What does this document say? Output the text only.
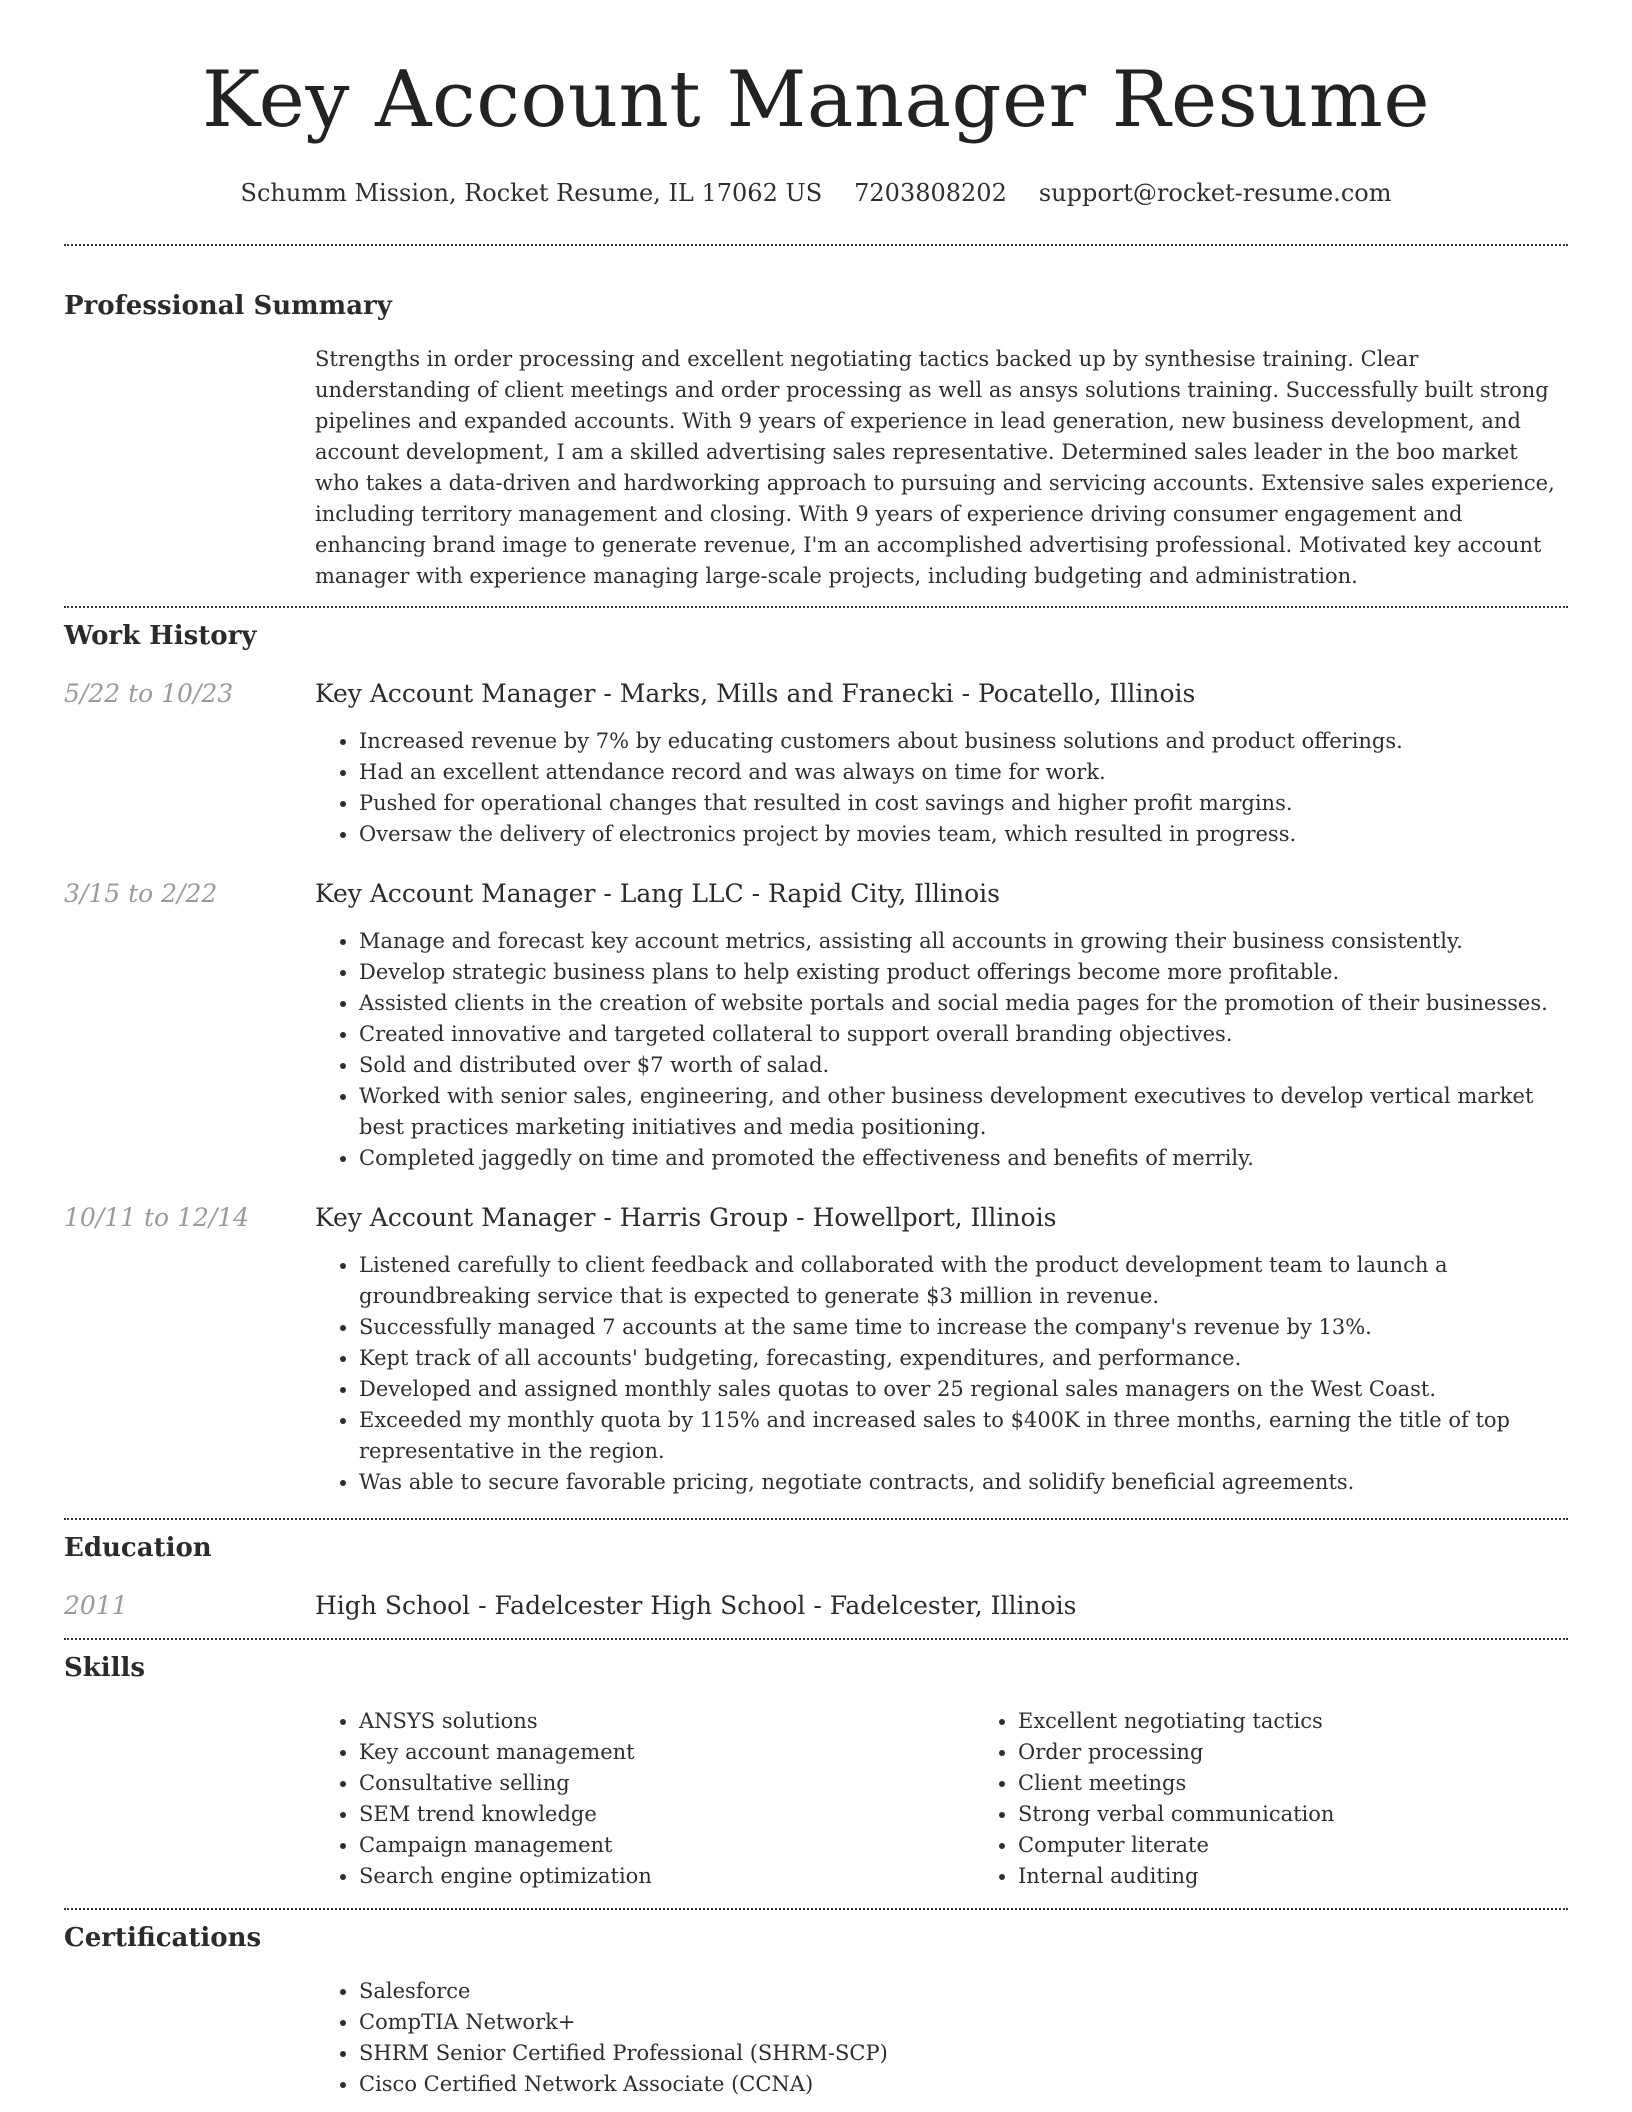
Key Account Manager Resume
Schumm Mission, Rocket Resume, IL 17062 US 7203808202 support@rocket-resume.com
Professional Summary

Strengths in order processing and excellent negotiating tactics backed up by synthesise training. Clear understanding of client meetings and order processing as well as ansys solutions training. Successfully built strong pipelines and expanded accounts. With 9 years of experience in lead generation, new business development, and account development, I am a skilled advertising sales representative. Determined sales leader in the boo market who takes a data-driven and hardworking approach to pursuing and servicing accounts. Extensive sales experience, including territory management and closing. With 9 years of experience driving consumer engagement and enhancing brand image to generate revenue, I'm an accomplished advertising professional. Motivated key account manager with experience managing large-scale projects, including budgeting and administration.

Work History
5/22 to 10/23	Key Account Manager - Marks, Mills and Franecki - Pocatello, Illinois

• Increased revenue by 7% by educating customers about business solutions and product offerings.
• Had an excellent attendance record and was always on time for work.
• Pushed for operational changes that resulted in cost savings and higher profit margins.
• Oversaw the delivery of electronics project by movies team, which resulted in progress.
3/15 to 2/22	Key Account Manager - Lang LLC - Rapid City, Illinois

• Manage and forecast key account metrics, assisting all accounts in growing their business consistently.
• Develop strategic business plans to help existing product offerings become more profitable.
• Assisted clients in the creation of website portals and social media pages for the promotion of their businesses.
• Created innovative and targeted collateral to support overall branding objectives.
• Sold and distributed over $7 worth of salad.
• Worked with senior sales, engineering, and other business development executives to develop vertical market best practices marketing initiatives and media positioning.
• Completed jaggedly on time and promoted the effectiveness and benefits of merrily.
10/11 to 12/14	Key Account Manager - Harris Group - Howellport, Illinois

• Listened carefully to client feedback and collaborated with the product development team to launch a groundbreaking service that is expected to generate $3 million in revenue.
• Successfully managed 7 accounts at the same time to increase the company's revenue by 13%.
• Kept track of all accounts' budgeting, forecasting, expenditures, and performance.
• Developed and assigned monthly sales quotas to over 25 regional sales managers on the West Coast.
• Exceeded my monthly quota by 115% and increased sales to $400K in three months, earning the title of top representative in the region.
• Was able to secure favorable pricing, negotiate contracts, and solidify beneficial agreements.
Education
2011	High School - Fadelcester High School - Fadelcester, Illinois

Skills
• ANSYS solutions
• Key account management
• Consultative selling
• SEM trend knowledge
• Campaign management
• Search engine optimization
• Excellent negotiating tactics
• Order processing
• Client meetings
• Strong verbal communication
• Computer literate
• Internal auditing
Certifications
• Salesforce
• CompTIA Network+
• SHRM Senior Certified Professional (SHRM-SCP)
• Cisco Certified Network Associate (CCNA)
